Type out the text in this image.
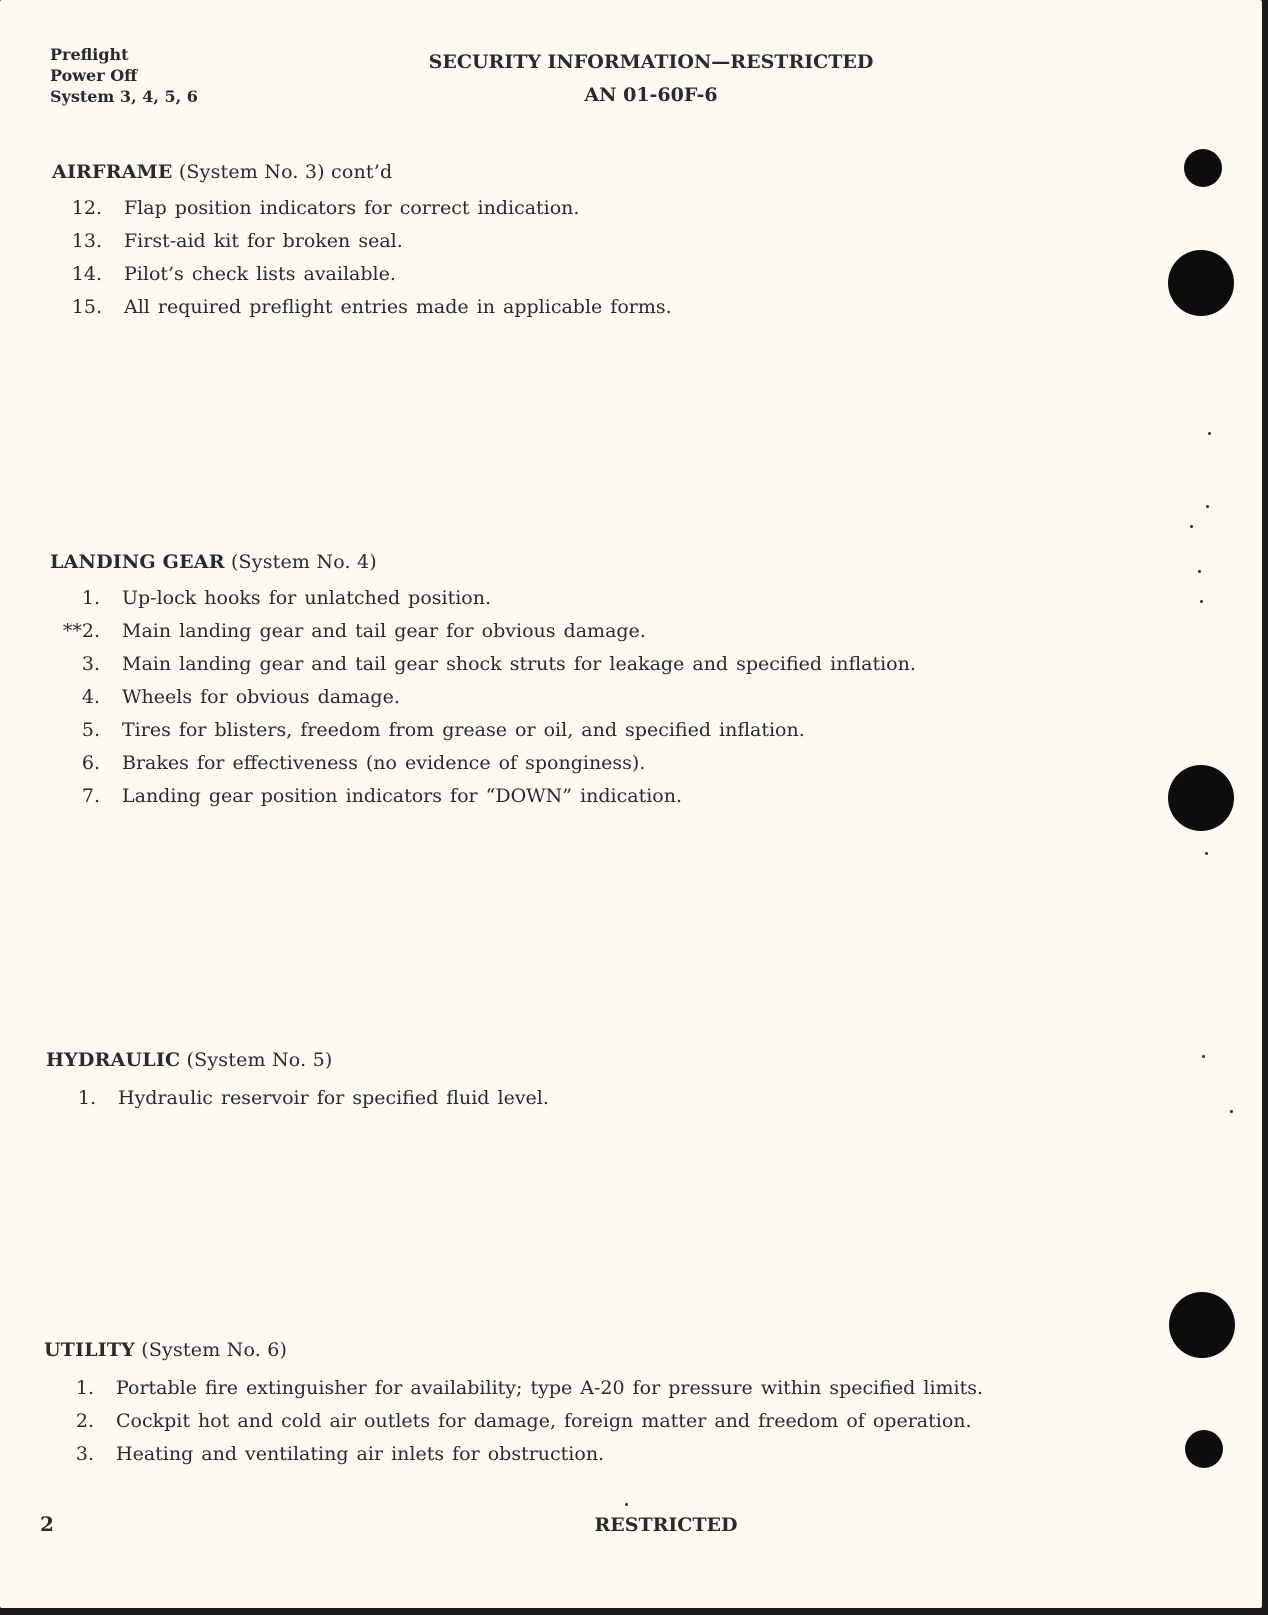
Preflight
Power Off
System 3, 4, 5, 6
SECURITY INFORMATION—RESTRICTED
AN 01-60F-6
AIRFRAME (System No. 3) cont’d
12.	Flap position indicators for correct indication.
13.	First-aid kit for broken seal.
14.	Pilot’s check lists available.
15.	All required preflight entries made in applicable forms.
LANDING GEAR (System No. 4)
1.	Up-lock hooks for unlatched position.
**2.	Main landing gear and tail gear for obvious damage.
3.	Main landing gear and tail gear shock struts for leakage and specified inflation.
4.	Wheels for obvious damage.
5.	Tires for blisters, freedom from grease or oil, and specified inflation.
6.	Brakes for effectiveness (no evidence of sponginess).
7.	Landing gear position indicators for “DOWN” indication.
HYDRAULIC (System No. 5)
1.	Hydraulic reservoir for specified fluid level.
UTILITY (System No. 6)
1.	Portable fire extinguisher for availability; type A-20 for pressure within specified limits.
2.	Cockpit hot and cold air outlets for damage, foreign matter and freedom of operation.
3.	Heating and ventilating air inlets for obstruction.
2	RESTRICTED
